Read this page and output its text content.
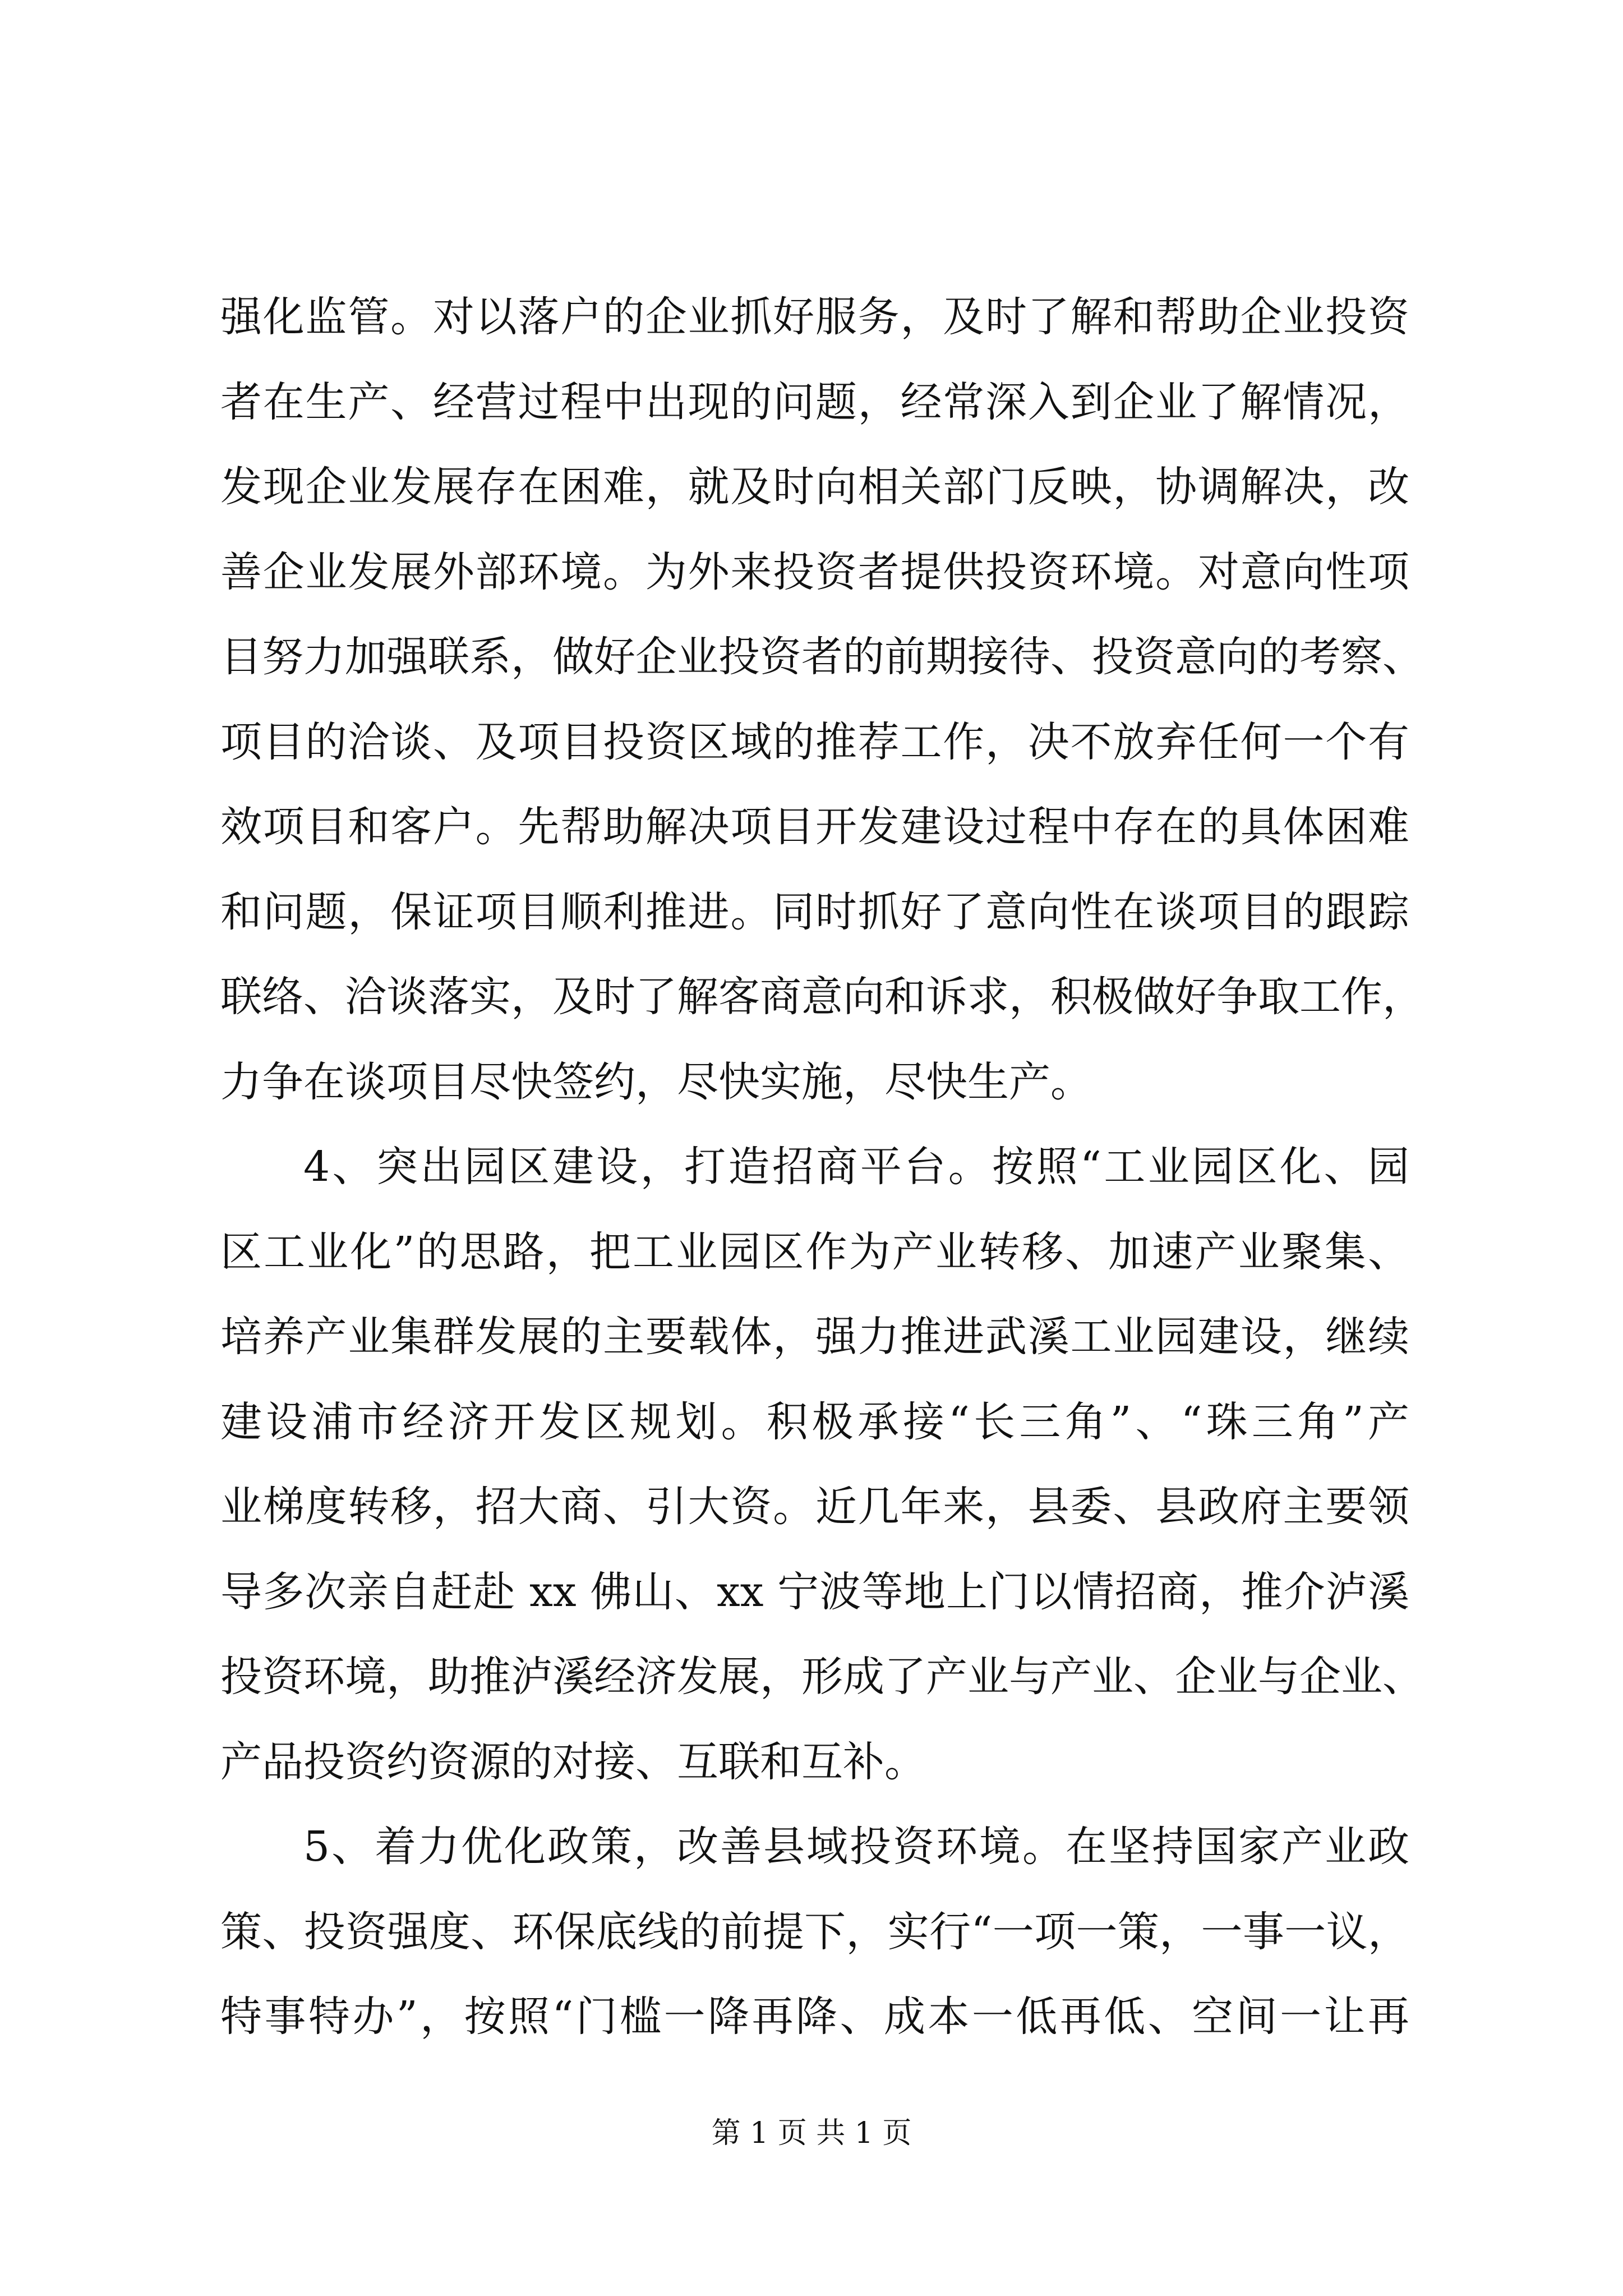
强化监管。对以落户的企业抓好服务，及时了解和帮助企业投资
者在生产、经营过程中出现的问题，经常深入到企业了解情况，
发现企业发展存在困难，就及时向相关部门反映，协调解决，改
善企业发展外部环境。为外来投资者提供投资环境。对意向性项
目努力加强联系，做好企业投资者的前期接待、投资意向的考察、
项目的洽谈、及项目投资区域的推荐工作，决不放弃任何一个有
效项目和客户。先帮助解决项目开发建设过程中存在的具体困难
和问题，保证项目顺利推进。同时抓好了意向性在谈项目的跟踪
联络、洽谈落实，及时了解客商意向和诉求，积极做好争取工作，
力争在谈项目尽快签约，尽快实施，尽快生产。
4、突出园区建设，打造招商平台。按照“工业园区化、园
区工业化”的思路，把工业园区作为产业转移、加速产业聚集、
培养产业集群发展的主要载体，强力推进武溪工业园建设，继续
建设浦市经济开发区规划。积极承接“长三角”、“珠三角”产
业梯度转移，招大商、引大资。近几年来，县委、县政府主要领
导多次亲自赶赴 xx 佛山、xx 宁波等地上门以情招商，推介泸溪
投资环境，助推泸溪经济发展，形成了产业与产业、企业与企业、
产品投资约资源的对接、互联和互补。
5、着力优化政策，改善县域投资环境。在坚持国家产业政
策、投资强度、环保底线的前提下，实行“一项一策，一事一议，
特事特办”，按照“门槛一降再降、成本一低再低、空间一让再
第 1 页 共 1 页
